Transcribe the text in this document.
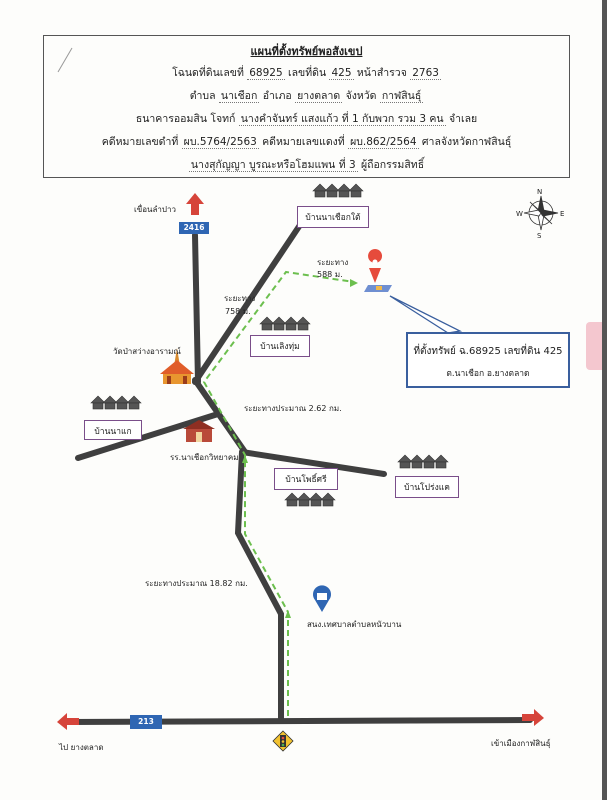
แผนที่ตั้งทรัพย์พอสังเขป
โฉนดที่ดินเลขที่ 68925 เลขที่ดิน 425 หน้าสำรวจ 2763
ตำบล นาเชือก อำเภอ ยางตลาด จังหวัด กาฬสินธุ์
ธนาคารออมสิน โจทก์ นางคำจันทร์ แสงแก้ว ที่ 1 กับพวก รวม 3 คน จำเลย
คดีหมายเลขดำที่ ผบ.5764/2563 คดีหมายเลขแดงที่ ผบ.862/2564 ศาลจังหวัดกาฬสินธุ์
นางสุกัญญา บูรณะหรือโฮมแพน ที่ 3 ผู้ถือกรรมสิทธิ์
N
S
W	E
2416
213
เขื่อนลำปาว
บ้านนาเชือกใต้
ระยะทาง
588 ม.
ระยะทาง
758 ม.
บ้านเลิงทุ่ม
วัดป่าสว่างอารามณ์
ระยะทางประมาณ 2.62 กม.
บ้านนาแก
รร.นาเชือกวิทยาคม
บ้านโพธิ์ศรี
บ้านโปร่งแค
ระยะทางประมาณ 18.82 กม.
สนง.เทศบาลตำบลหนัวบาน
ไป ยางตลาด	เข้าเมืองกาฬสินธุ์
ที่ตั้งทรัพย์ ฉ.68925 เลขที่ดิน 425
ต.นาเชือก อ.ยางตลาด
